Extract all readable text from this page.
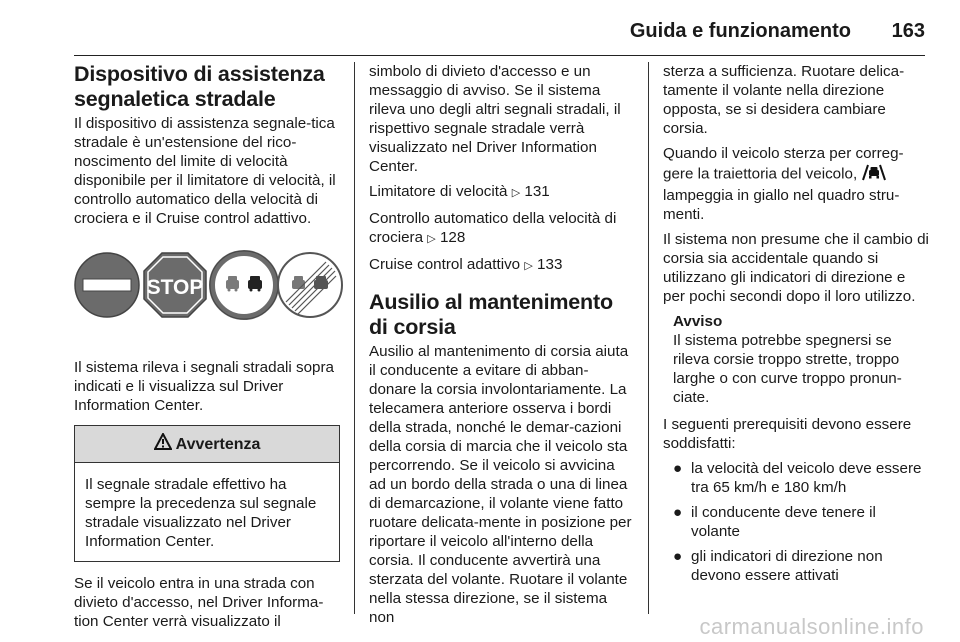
Guida e funzionamento 163
Dispositivo di assistenza segnaletica stradale

Il dispositivo di assistenza segnale-tica stradale è un'estensione del rico-noscimento del limite di velocità disponibile per il limitatore di velocità, il controllo automatico della velocità di crociera e il Cruise control adattivo.

STOP

Il sistema rileva i segnali stradali sopra indicati e li visualizza sul Driver Information Center.

Avvertenza
Il segnale stradale effettivo ha sempre la precedenza sul segnale stradale visualizzato nel Driver Information Center.

Se il veicolo entra in una strada con divieto d'accesso, nel Driver Informa-tion Center verrà visualizzato il

simbolo di divieto d'accesso e un messaggio di avviso. Se il sistema rileva uno degli altri segnali stradali, il rispettivo segnale stradale verrà visualizzato nel Driver Information Center.

Limitatore di velocità ▷ 131

Controllo automatico della velocità di crociera ▷ 128

Cruise control adattivo ▷ 133

Ausilio al mantenimento di corsia

Ausilio al mantenimento di corsia aiuta il conducente a evitare di abban-donare la corsia involontariamente. La telecamera anteriore osserva i bordi della strada, nonché le demar-cazioni della corsia di marcia che il veicolo sta percorrendo. Se il veicolo si avvicina ad un bordo della strada o una di linea di demarcazione, il volante viene fatto ruotare delicata-mente in posizione per riportare il veicolo all'interno della corsia. Il conducente avvertirà una sterzata del volante. Ruotare il volante nella stessa direzione, se il sistema non

sterza a sufficienza. Ruotare delica-tamente il volante nella direzione opposta, se si desidera cambiare corsia.

Quando il veicolo sterza per correg-gere la traiettoria del veicolo,  lampeggia in giallo nel quadro stru-menti.

Il sistema non presume che il cambio di corsia sia accidentale quando si utilizzano gli indicatori di direzione e per pochi secondi dopo il loro utilizzo.

Avviso
Il sistema potrebbe spegnersi se rileva corsie troppo strette, troppo larghe o con curve troppo pronun-ciate.

I seguenti prerequisiti devono essere soddisfatti:

● la velocità del veicolo deve essere tra 65 km/h e 180 km/h
● il conducente deve tenere il volante
● gli indicatori di direzione non devono essere attivati
carmanualsonline.info
